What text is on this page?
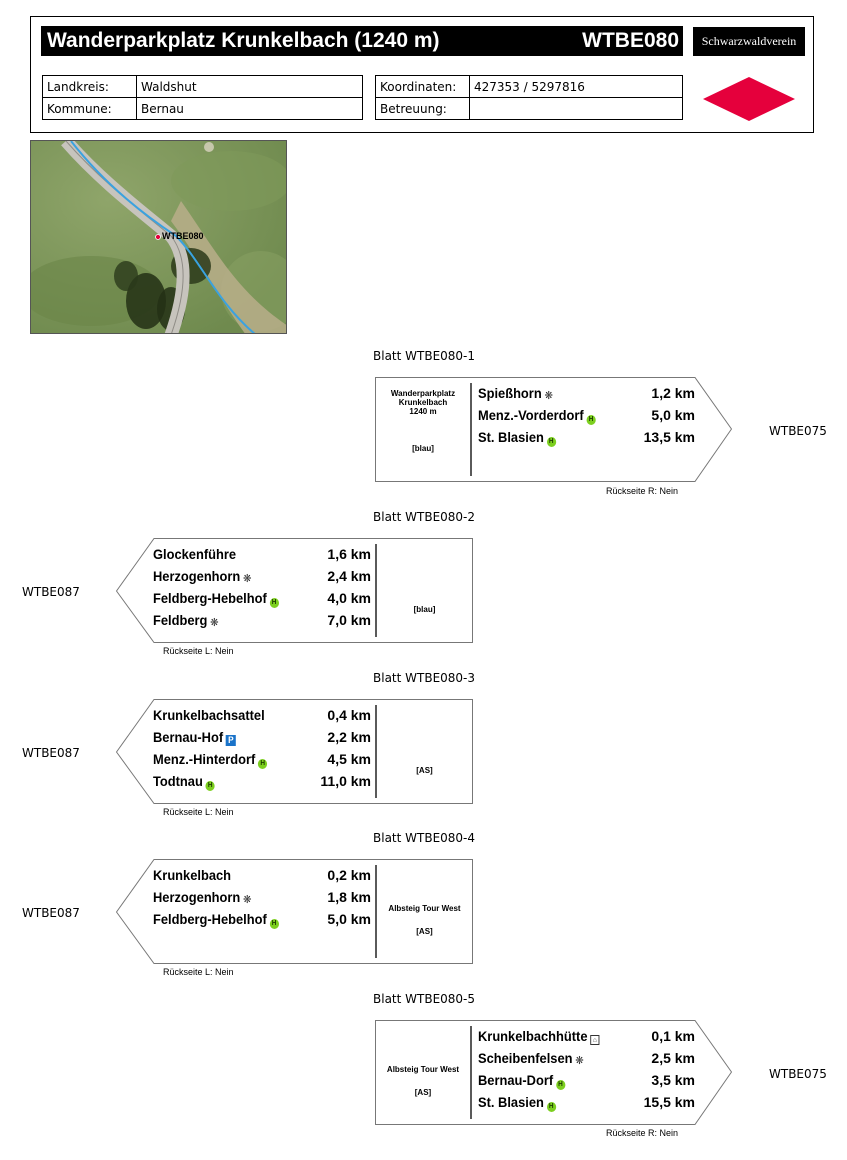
Wanderparkplatz Krunkelbach (1240 m)	WTBE080	Schwarzwaldverein
Landkreis:	Waldshut
Kommune:	Bernau
Koordinaten:	427353 / 5297816
Betreuung:	
WTBE080
Blatt WTBE080-1
Wanderparkplatz
Krunkelbach
1240 m
[blau]
Spießhorn ❋	1,2 km
Menz.-Vorderdorf H	5,0 km
St. Blasien H	13,5 km	WTBE075
Rückseite R: Nein
Blatt WTBE080-2
[blau]
Glockenführe	1,6 km
Herzogenhorn ❋	2,4 km
Feldberg-Hebelhof H	4,0 km
Feldberg ❋	7,0 km
WTBE087
Rückseite L: Nein
Blatt WTBE080-3
[AS]
Krunkelbachsattel	0,4 km
Bernau-Hof P	2,2 km
Menz.-Hinterdorf H	4,5 km
Todtnau H	11,0 km
WTBE087
Rückseite L: Nein
Blatt WTBE080-4
Albsteig Tour West
[AS]
Krunkelbach	0,2 km
Herzogenhorn ❋	1,8 km
Feldberg-Hebelhof H	5,0 km
WTBE087
Rückseite L: Nein
Blatt WTBE080-5
Albsteig Tour West
[AS]
Krunkelbachhütte ⌂	0,1 km
Scheibenfelsen ❋	2,5 km
Bernau-Dorf H	3,5 km
St. Blasien H	15,5 km
WTBE075
Rückseite R: Nein
